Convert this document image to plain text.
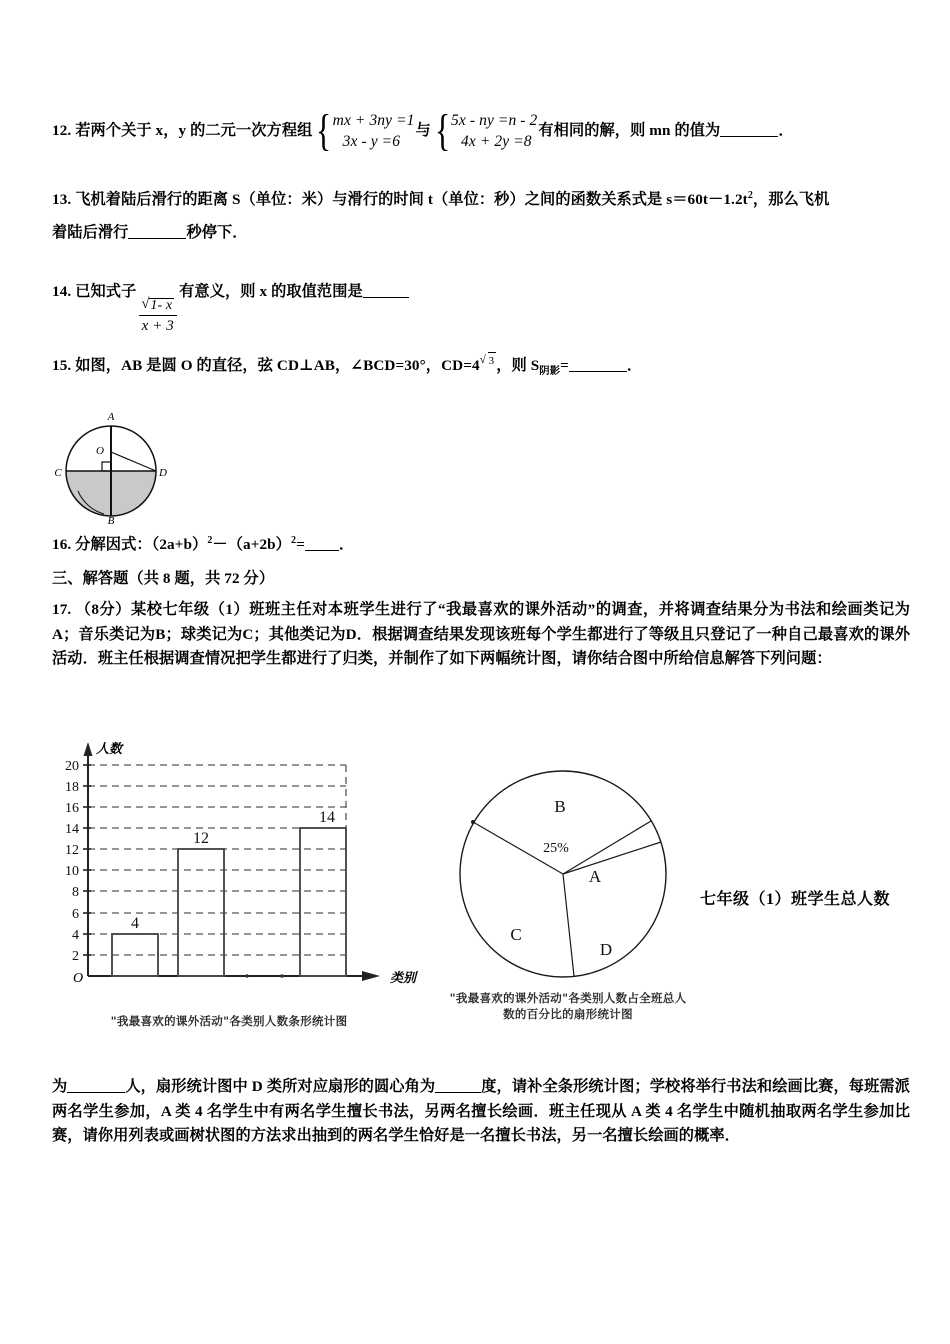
12. 若两个关于 x，y 的二元一次方程组 { mx + 3ny =1
3x - y =6
与 { 5x - ny =n - 2
4x + 2y =8
有相同的解，则 mn 的值为	．
13. 飞机着陆后滑行的距离 S（单位：米）与滑行的时间 t（单位：秒）之间的函数关系式是 $s=60t-1.2t^2$，那么飞机
着陆后滑行	秒停下．
14. 已知式子
√ $\frac{1- x}{x + 3}$
有意义，则 x 的取值范围是
15. 如图，AB 是圆 O 的直径，弦 CD⊥AB，∠BCD=30°，CD=4 √ 3 ，则 $S_{阴影}=$	．
A
O
C	D
B
16. 分解因式：$(2a+b)^2-(a+2b)^2=$ ．
三、解答题（共 8 题，共 72 分）
17. （8分）某校七年级（1）班班主任对本班学生进行了“我最喜欢的课外活动”的调查，并将调查结果分为书法和绘画类记为A；音乐类记为B；球类记为C；其他类记为D．根据调查结果发现该班每个学生都进行了等级且只登记了一种自己最喜欢的课外活动．班主任根据调查情况把学生都进行了归类，并制作了如下两幅统计图，请你结合图中所给信息解答下列问题：
人数
类别
O
2
4
6
8
10
12
14
16
18
20
4
12
14
"我最喜欢的课外活动"各类别人数条形统计图
A
B
25%
C
D
"我最喜欢的课外活动"各类别人数占全班总人数的百分比的扇形统计图
七年级（1）班学生总人数
为	人，扇形统计图中 D 类所对应扇形的圆心角为	度，请补全条形统计图；学校将举行书法和绘画比赛，每班需派两名学生参加，A 类 4 名学生中有两名学生擅长书法，另两名擅长绘画．班主任现从 A 类 4 名学生中随机抽取两名学生参加比赛，请你用列表或画树状图的方法求出抽到的两名学生恰好是一名擅长书法，另一名擅长绘画的概率．
